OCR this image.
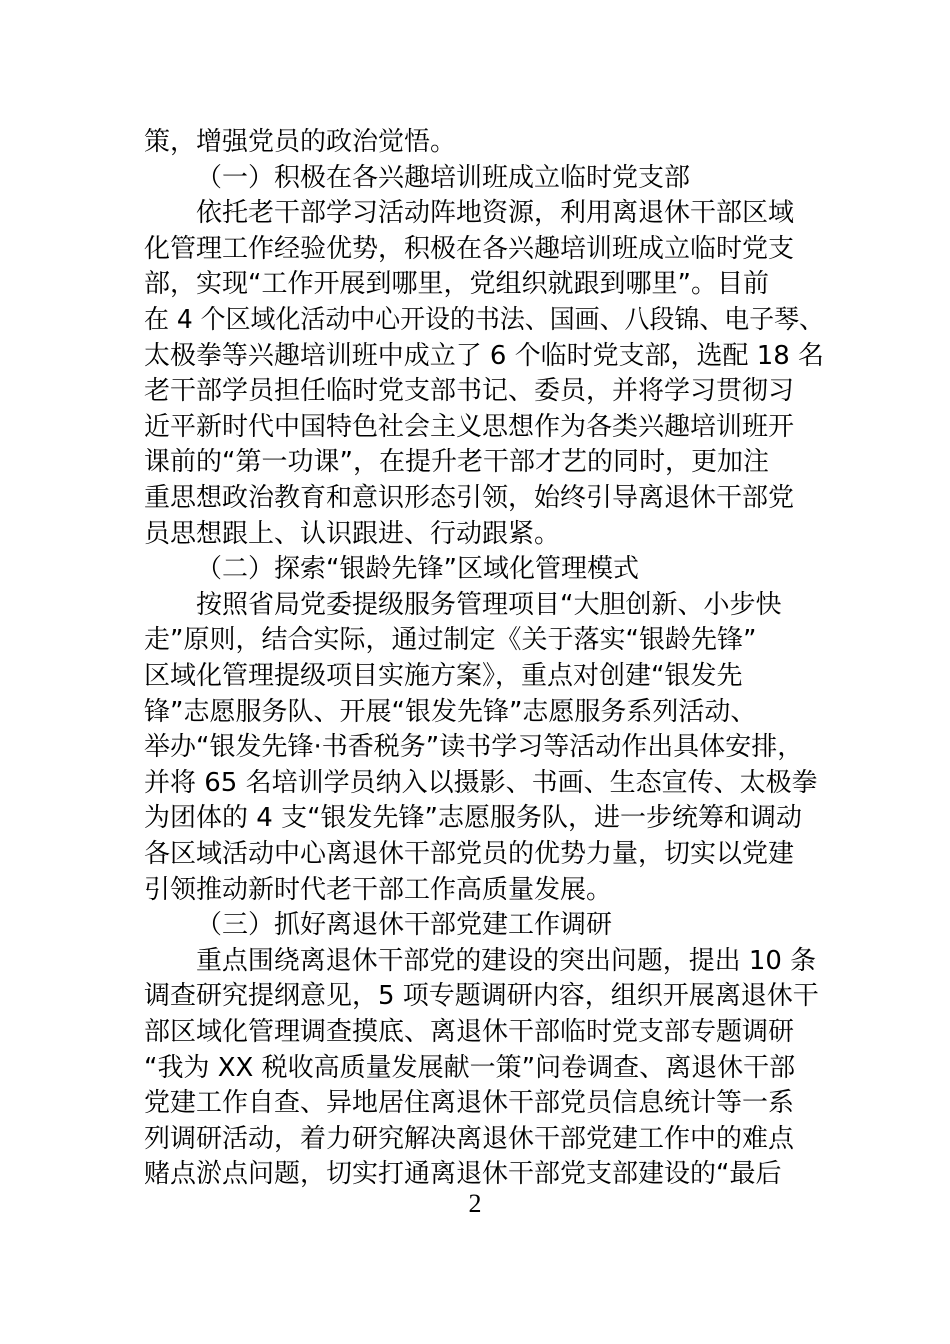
策，增强党员的政治觉悟。
（一）积极在各兴趣培训班成立临时党支部
依托老干部学习活动阵地资源，利用离退休干部区域
化管理工作经验优势，积极在各兴趣培训班成立临时党支
部，实现“工作开展到哪里，党组织就跟到哪里”。目前
在 4 个区域化活动中心开设的书法、国画、八段锦、电子琴、
太极拳等兴趣培训班中成立了 6 个临时党支部，选配 18 名
老干部学员担任临时党支部书记、委员，并将学习贯彻习
近平新时代中国特色社会主义思想作为各类兴趣培训班开
课前的“第一功课”，在提升老干部才艺的同时，更加注
重思想政治教育和意识形态引领，始终引导离退休干部党
员思想跟上、认识跟进、行动跟紧。
（二）探索“银龄先锋”区域化管理模式
按照省局党委提级服务管理项目“大胆创新、小步快
走”原则，结合实际，通过制定《关于落实“银龄先锋”
区域化管理提级项目实施方案》，重点对创建“银发先
锋”志愿服务队、开展“银发先锋”志愿服务系列活动、
举办“银发先锋·书香税务”读书学习等活动作出具体安排，
并将 65 名培训学员纳入以摄影、书画、生态宣传、太极拳
为团体的 4 支“银发先锋”志愿服务队，进一步统筹和调动
各区域活动中心离退休干部党员的优势力量，切实以党建
引领推动新时代老干部工作高质量发展。
（三）抓好离退休干部党建工作调研
重点围绕离退休干部党的建设的突出问题，提出 10 条
调查研究提纲意见，5 项专题调研内容，组织开展离退休干
部区域化管理调查摸底、离退休干部临时党支部专题调研
“我为 XX 税收高质量发展献一策”问卷调查、离退休干部
党建工作自查、异地居住离退休干部党员信息统计等一系
列调研活动，着力研究解决离退休干部党建工作中的难点
赌点淤点问题，切实打通离退休干部党支部建设的“最后
2
